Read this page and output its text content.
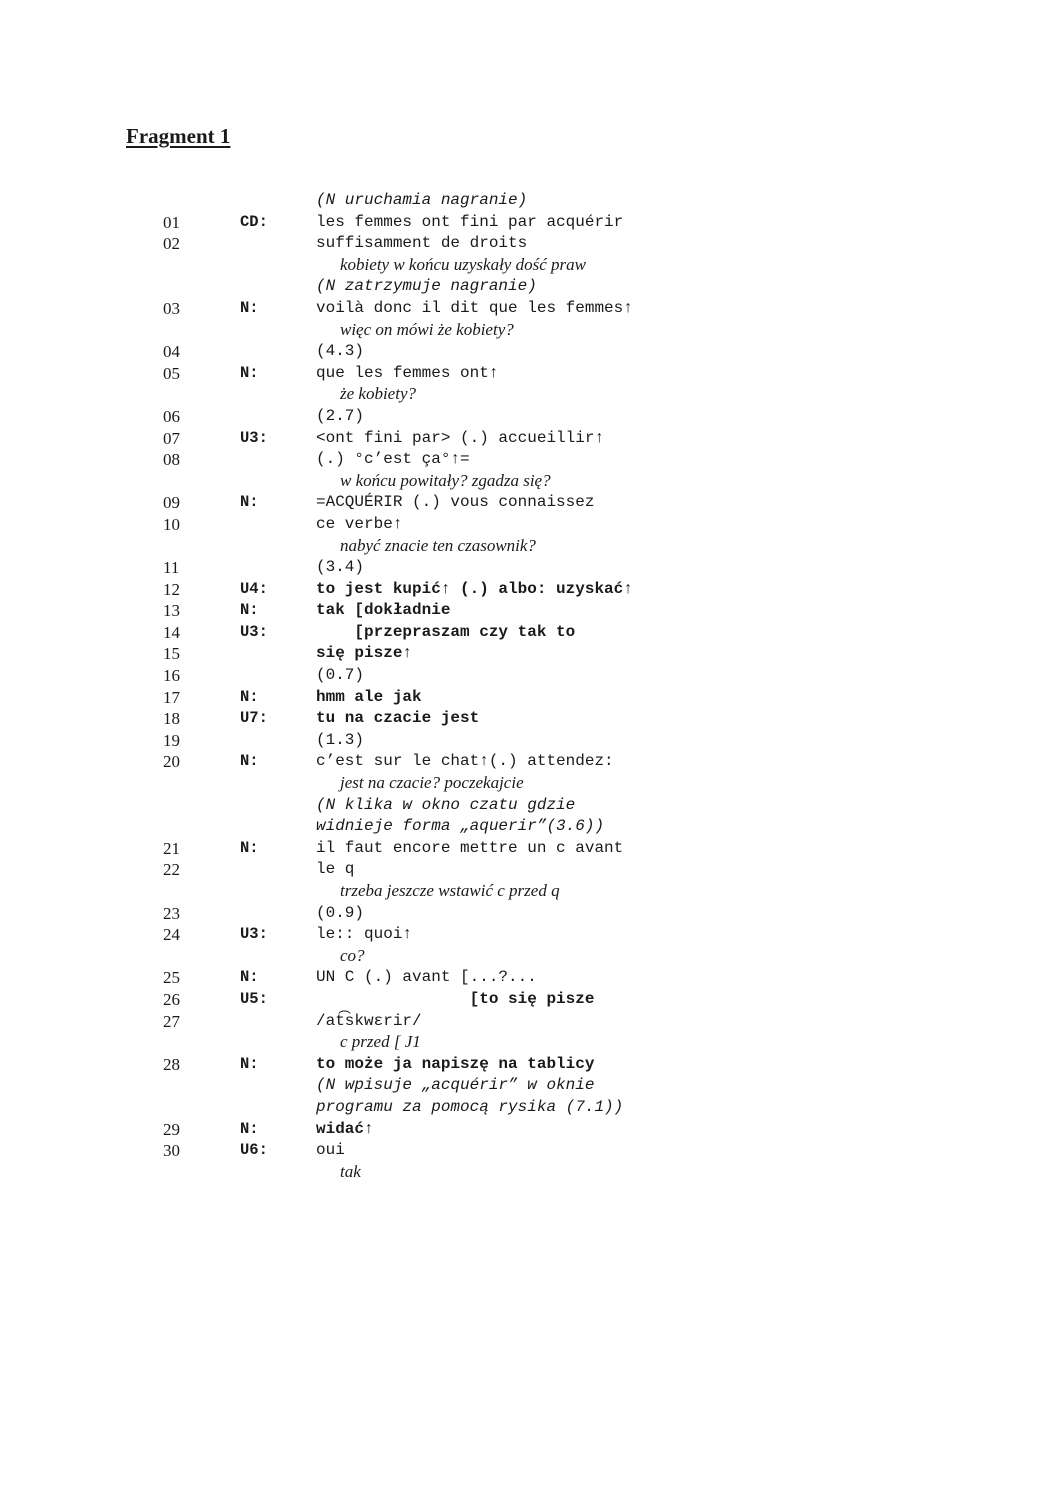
Fragment 1
(N uruchamia nagranie)
01	CD:	les femmes ont fini par acquérir
02	suffisamment de droits
kobiety w końcu uzyskały dość praw
(N zatrzymuje nagranie)
03	N:	voilà donc il dit que les femmes↑
więc on mówi że kobiety?
04	(4.3)
05	N:	que les femmes ont↑
że kobiety?
06	(2.7)
07	U3:	<ont fini par> (.) accueillir↑
08	(.) °c’est ça°↑=
w końcu powitały? zgadza się?
09	N:	=ACQUÉRIR (.) vous connaissez
10	ce verbe↑
nabyć znacie ten czasownik?
11	(3.4)
12	U4:	to jest kupić↑ (.) albo: uzyskać↑
13	N:	tak [dokładnie
14	U3:	[przepraszam czy tak to
15	się pisze↑
16	(0.7)
17	N:	hmm ale jak
18	U7:	tu na czacie jest
19	(1.3)
20	N:	c’est sur le chat↑(.) attendez:
jest na czacie? poczekajcie
(N klika w okno czatu gdzie
widnieje forma „aquerir”(3.6))
21	N:	il faut encore mettre un c avant
22	le q
trzeba jeszcze wstawić c przed q
23	(0.9)
24	U3:	le:: quoi↑
co?
25	N:	UN C (.) avant [...?...
26	U5:	[to się pisze
27	/at͡skwɛrir/
c przed [ J1
28	N:	to może ja napiszę na tablicy
(N wpisuje „acquérir” w oknie
programu za pomocą rysika (7.1))
29	N:	widać↑
30	U6:	oui
tak
